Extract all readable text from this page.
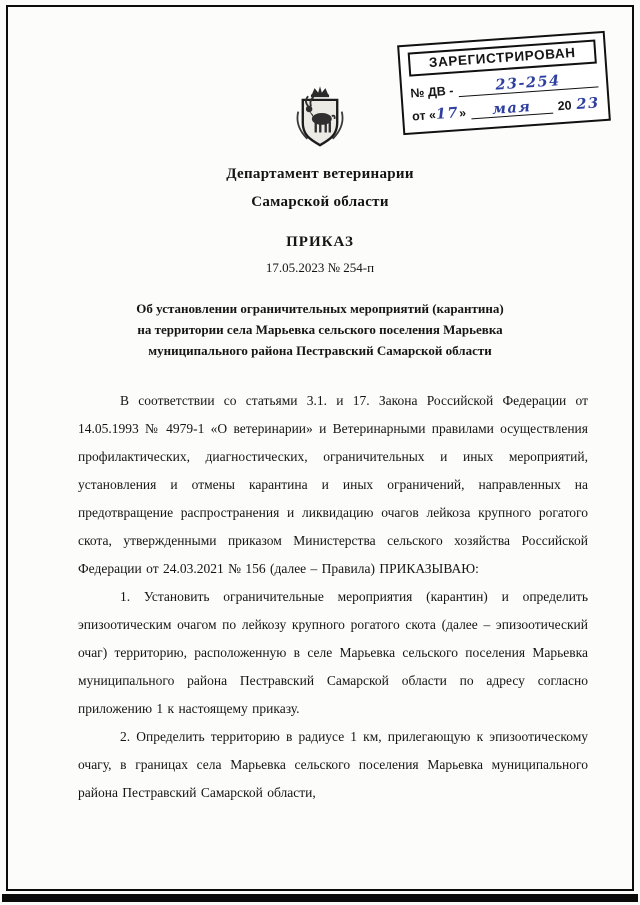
ЗАРЕГИСТРИРОВАН
№ ДВ -	23-254
от «
17
»	мая	20 23
Департамент ветеринарии
Самарской области
ПРИКАЗ
17.05.2023 № 254-п
Об установлении ограничительных мероприятий (карантина)
на территории села Марьевка сельского поселения Марьевка
муниципального района Пестравский Самарской области

В соответствии со статьями 3.1. и 17. Закона Российской Федерации от 14.05.1993 № 4979-1 «О ветеринарии» и Ветеринарными правилами осуществления профилактических, диагностических, ограничительных и иных мероприятий, установления и отмены карантина и иных ограничений, направленных на предотвращение распространения и ликвидацию очагов лейкоза крупного рогатого скота, утвержденными приказом Министерства сельского хозяйства Российской Федерации от 24.03.2021 № 156 (далее – Правила) ПРИКАЗЫВАЮ:

1. Установить ограничительные мероприятия (карантин) и определить эпизоотическим очагом по лейкозу крупного рогатого скота (далее – эпизоотический очаг) территорию, расположенную в селе Марьевка сельского поселения Марьевка муниципального района Пестравский Самарской области по адресу согласно приложению 1 к настоящему приказу.

2. Определить территорию в радиусе 1 км, прилегающую к эпизоотическому очагу, в границах села Марьевка сельского поселения Марьевка муниципального района Пестравский Самарской области,
